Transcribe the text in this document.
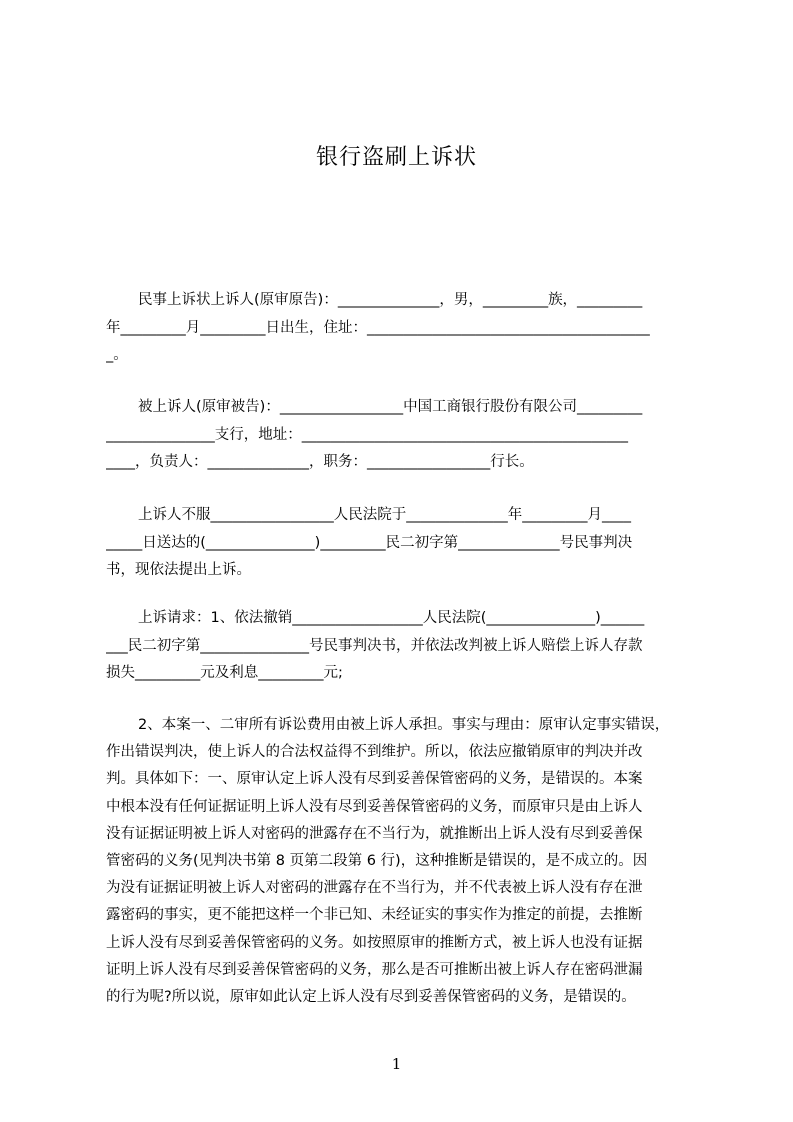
银行盗刷上诉状
民事上诉状上诉人(原审原告)：______________，男，_________族，_________
年_________月_________日出生，住址：_______________________________________
_。
被上诉人(原审被告)：_________________中国工商银行股份有限公司_________
_______________支行，地址：_____________________________________________
____，负责人：______________，职务：_________________行长。
上诉人不服_________________人民法院于______________年_________月____
_____日送达的(_______________)_________民二初字第______________号民事判决
书，现依法提出上诉。
上诉请求：1、依法撤销__________________人民法院(_______________)______
___民二初字第_______________号民事判决书，并依法改判被上诉人赔偿上诉人存款
损失_________元及利息_________元;
2、本案一、二审所有诉讼费用由被上诉人承担。事实与理由：原审认定事实错误，
作出错误判决，使上诉人的合法权益得不到维护。所以，依法应撤销原审的判决并改
判。具体如下：一、原审认定上诉人没有尽到妥善保管密码的义务，是错误的。本案
中根本没有任何证据证明上诉人没有尽到妥善保管密码的义务，而原审只是由上诉人
没有证据证明被上诉人对密码的泄露存在不当行为，就推断出上诉人没有尽到妥善保
管密码的义务(见判决书第 8 页第二段第 6 行)，这种推断是错误的，是不成立的。因
为没有证据证明被上诉人对密码的泄露存在不当行为，并不代表被上诉人没有存在泄
露密码的事实，更不能把这样一个非已知、未经证实的事实作为推定的前提，去推断
上诉人没有尽到妥善保管密码的义务。如按照原审的推断方式，被上诉人也没有证据
证明上诉人没有尽到妥善保管密码的义务，那么是否可推断出被上诉人存在密码泄漏
的行为呢?所以说，原审如此认定上诉人没有尽到妥善保管密码的义务，是错误的。
1
